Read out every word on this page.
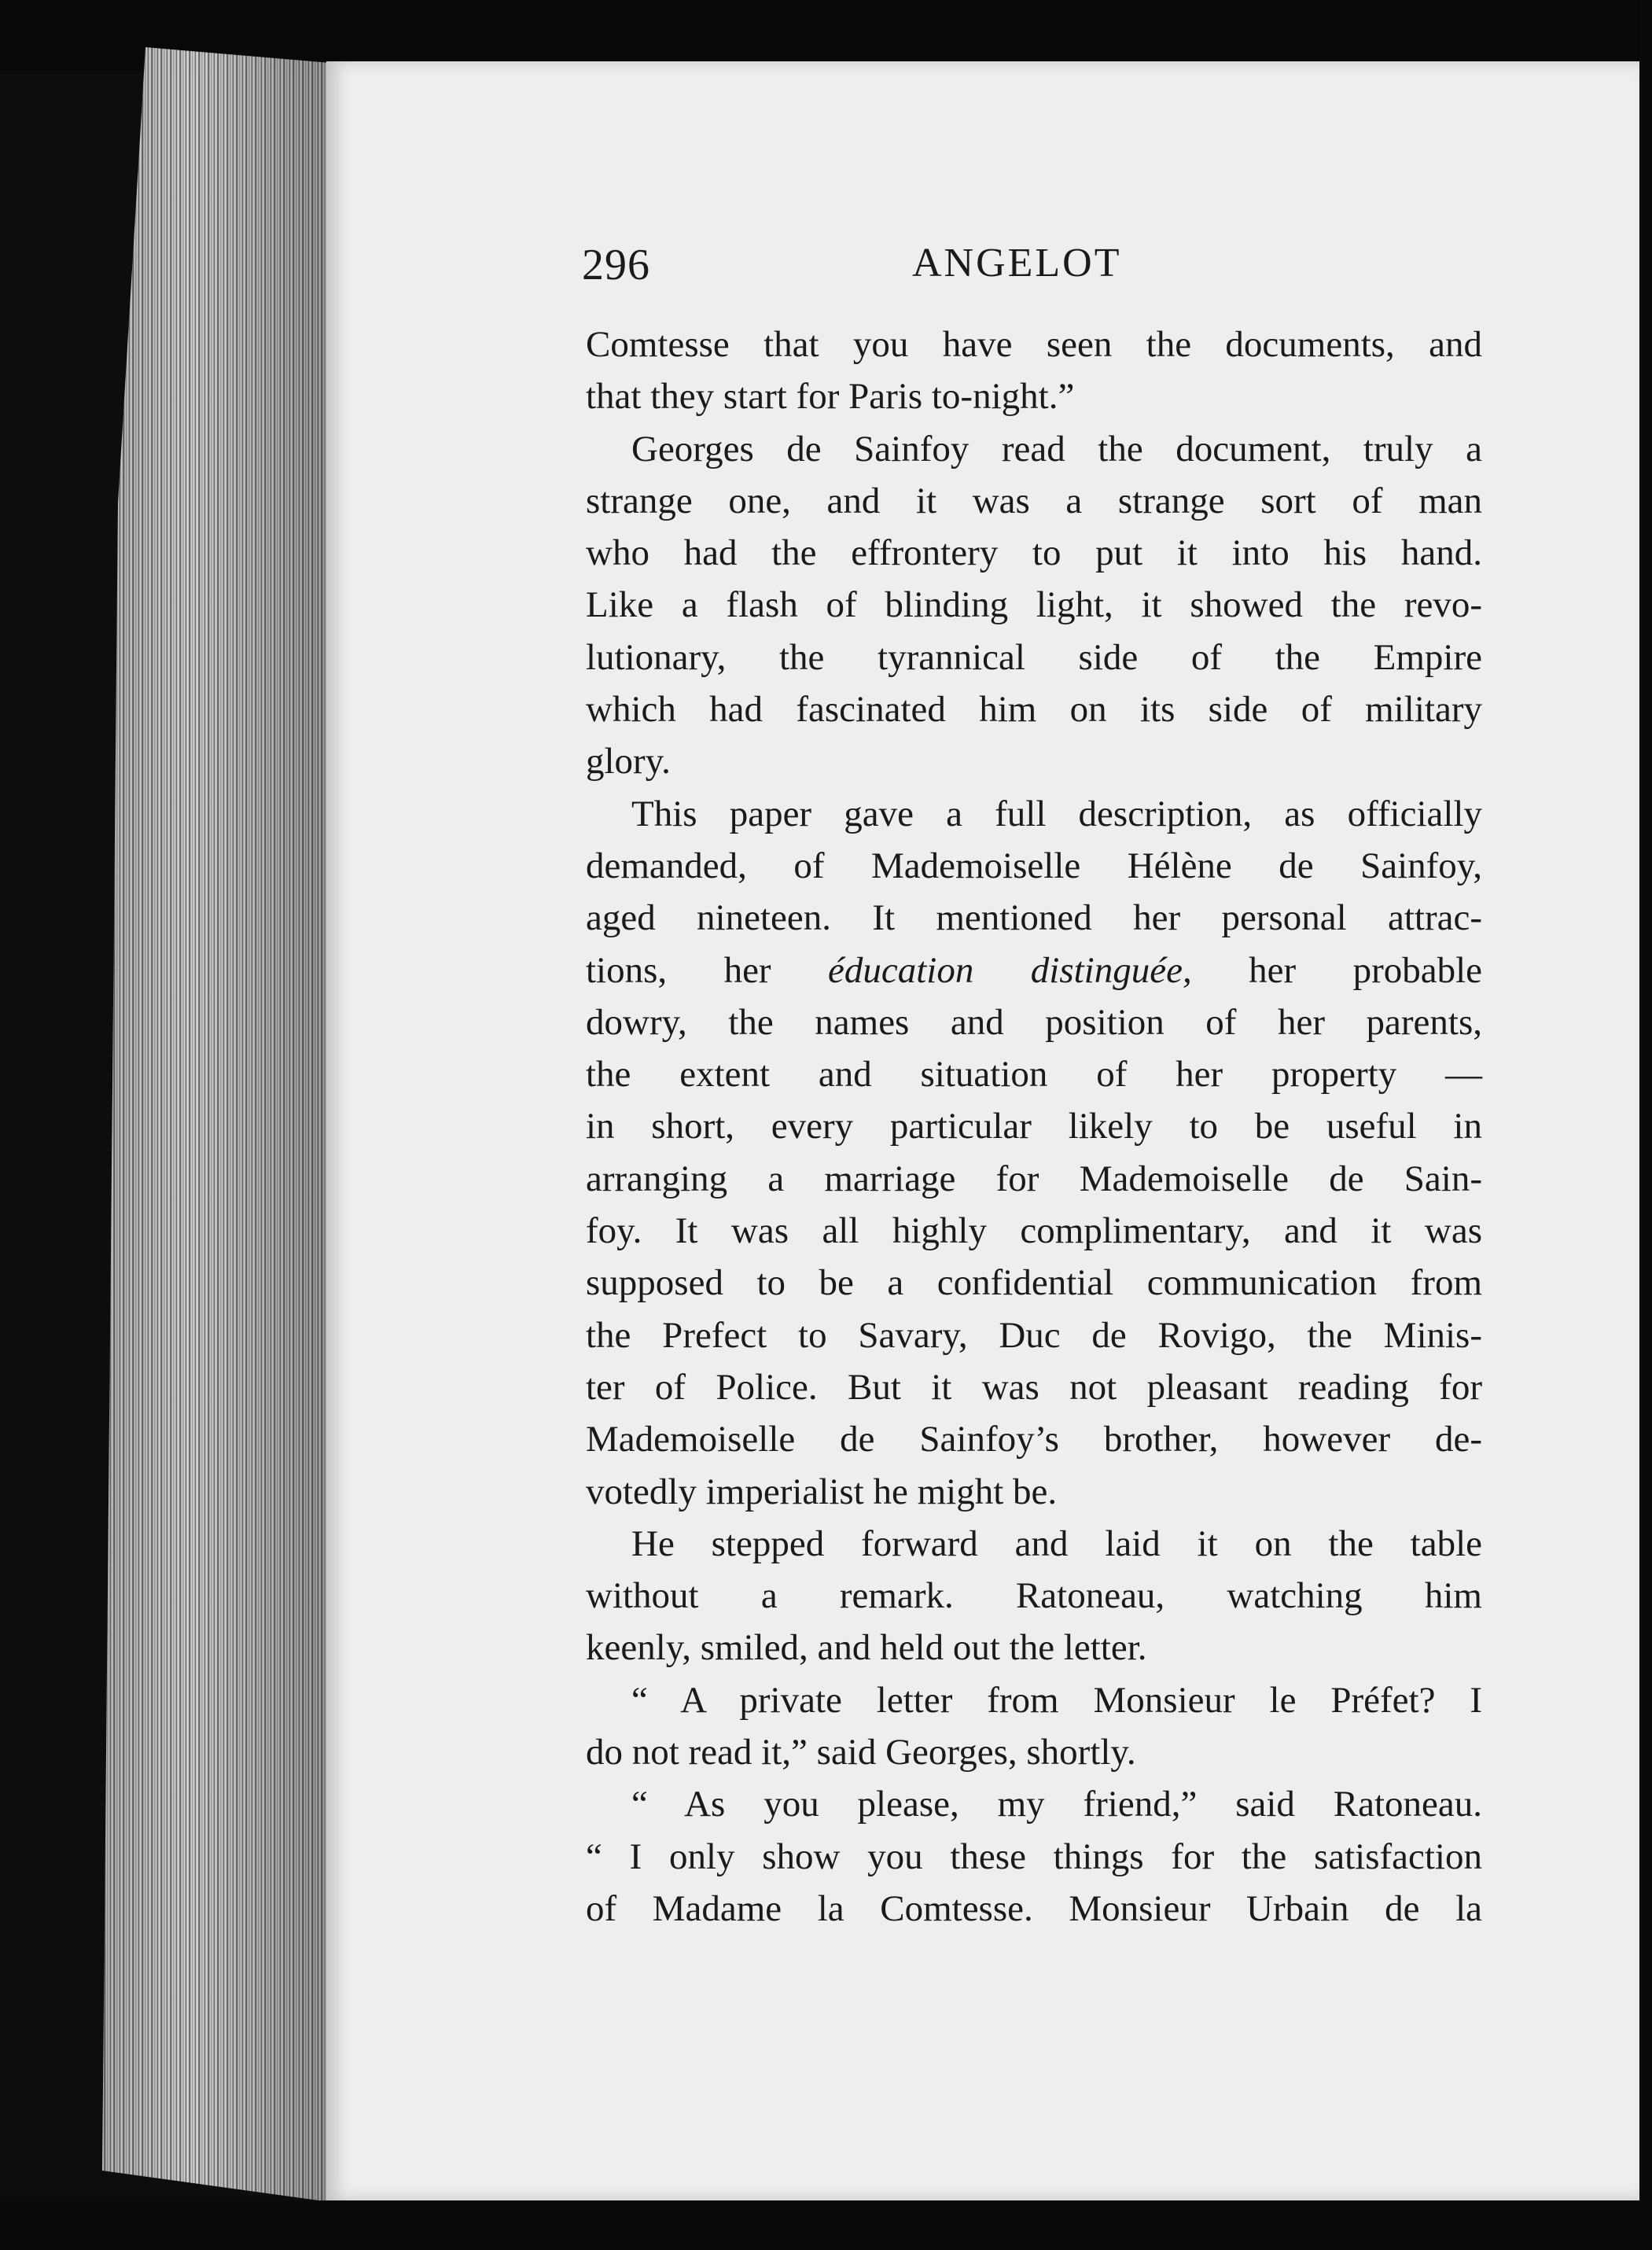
296	ANGELOT
Comtesse that you have seen the documents, and
that they start for Paris to-night.”
Georges de Sainfoy read the document, truly a
strange one, and it was a strange sort of man
who had the effrontery to put it into his hand.
Like a flash of blinding light, it showed the revo-
lutionary, the tyrannical side of the Empire
which had fascinated him on its side of military
glory.
This paper gave a full description, as officially
demanded, of Mademoiselle Hélène de Sainfoy,
aged nineteen. It mentioned her personal attrac-
tions, her éducation distinguée, her probable
dowry, the names and position of her parents,
the extent and situation of her property —
in short, every particular likely to be useful in
arranging a marriage for Mademoiselle de Sain-
foy. It was all highly complimentary, and it was
supposed to be a confidential communication from
the Prefect to Savary, Duc de Rovigo, the Minis-
ter of Police. But it was not pleasant reading for
Mademoiselle de Sainfoy’s brother, however de-
votedly imperialist he might be.
He stepped forward and laid it on the table
without a remark. Ratoneau, watching him
keenly, smiled, and held out the letter.
“ A private letter from Monsieur le Préfet? I
do not read it,” said Georges, shortly.
“ As you please, my friend,” said Ratoneau.
“ I only show you these things for the satisfaction
of Madame la Comtesse. Monsieur Urbain de la
